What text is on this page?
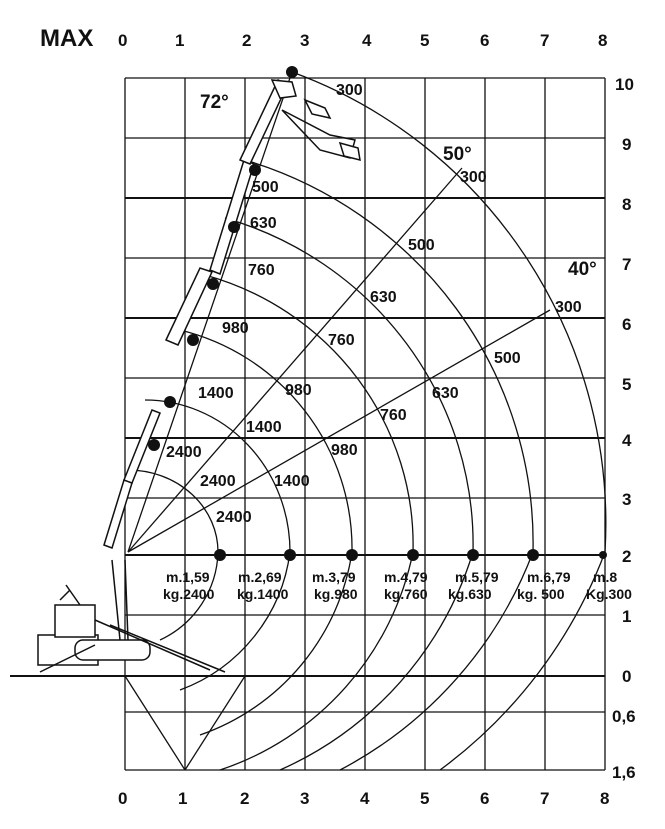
MAX 0	1	2	3	4	5	6	7	8
0	1	2	3	4	5	6	7	8
10
9
8
7
6
5
4
3
2
1
0
0,6
1,6
72°
50°
40°
300
500
630
760
980
1400
2400
300
500
630
760
980
1400
2400
300
500
630
760
980
1400
2400
m.1,59
kg.2400
m.2,69
kg.1400
m.3,79
kg.980
m.4,79
kg.760
m.5,79
kg.630
m.6,79
kg. 500
m.8
Kg.300
